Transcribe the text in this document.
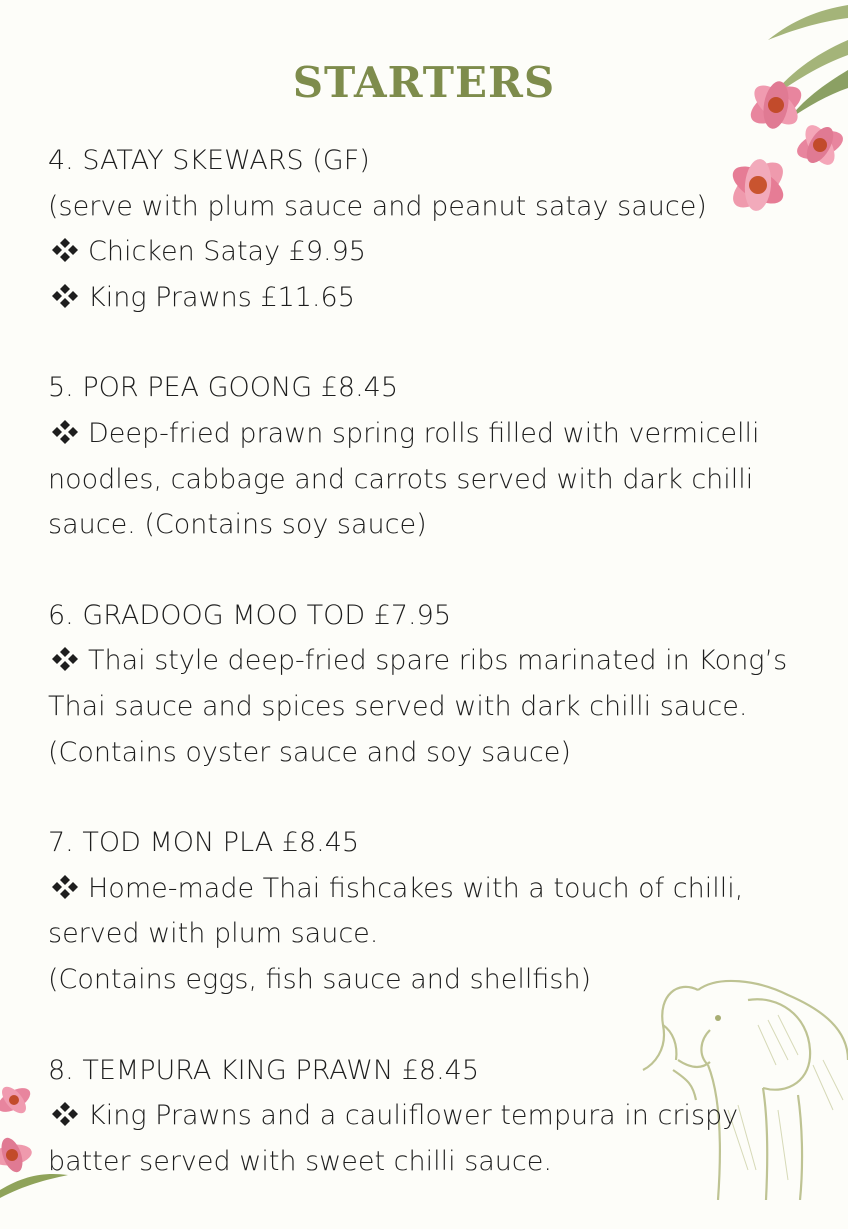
STARTERS
4. SATAY SKEWARS (GF)
(serve with plum sauce and peanut satay sauce)
Chicken Satay £9.95
King Prawns £11.65
5. POR PEA GOONG £8.45
Deep-fried prawn spring rolls filled with vermicelli noodles, cabbage and carrots served with dark chilli sauce. (Contains soy sauce)
6. GRADOOG MOO TOD £7.95
Thai style deep-fried spare ribs marinated in Kong’s Thai sauce and spices served with dark chilli sauce.
(Contains oyster sauce and soy sauce)
7. TOD MON PLA £8.45
Home-made Thai fishcakes with a touch of chilli, served with plum sauce.
(Contains eggs, fish sauce and shellfish)
8. TEMPURA KING PRAWN £8.45
King Prawns and a cauliflower tempura in crispy batter served with sweet chilli sauce.
